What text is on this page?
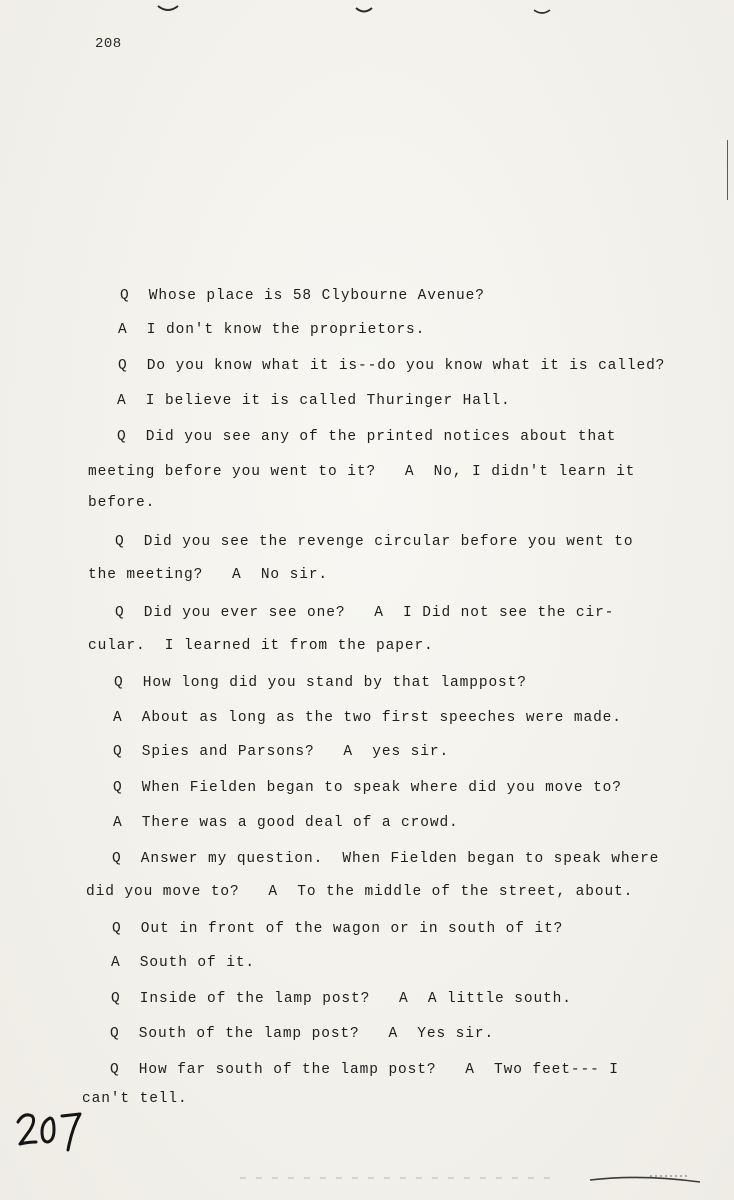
208
Q  Whose place is 58 Clybourne Avenue?
A  I don't know the proprietors.
Q  Do you know what it is--do you know what it is called?
A  I believe it is called Thuringer Hall.
Q  Did you see any of the printed notices about that
meeting before you went to it?   A  No, I didn't learn it
before.
Q  Did you see the revenge circular before you went to
the meeting?   A  No sir.
Q  Did you ever see one?   A  I Did not see the cir-
cular.  I learned it from the paper.
Q  How long did you stand by that lamppost?
A  About as long as the two first speeches were made.
Q  Spies and Parsons?   A  yes sir.
Q  When Fielden began to speak where did you move to?
A  There was a good deal of a crowd.
Q  Answer my question.  When Fielden began to speak where
did you move to?   A  To the middle of the street, about.
Q  Out in front of the wagon or in south of it?
A  South of it.
Q  Inside of the lamp post?   A  A little south.
Q  South of the lamp post?   A  Yes sir.
Q  How far south of the lamp post?   A  Two feet--- I
can't tell.
